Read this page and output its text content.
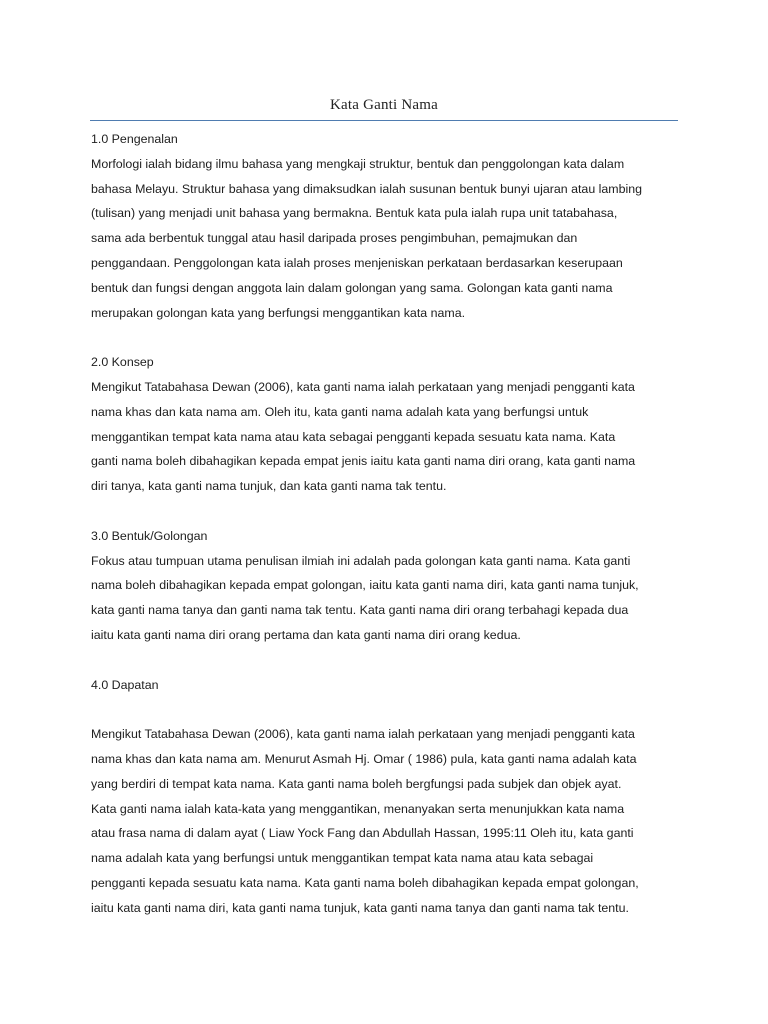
Kata Ganti Nama
1.0 Pengenalan
Morfologi ialah bidang ilmu bahasa yang mengkaji struktur, bentuk dan penggolongan kata dalam
bahasa Melayu. Struktur bahasa yang dimaksudkan ialah susunan bentuk bunyi ujaran atau lambing
(tulisan) yang menjadi unit bahasa yang bermakna. Bentuk kata pula ialah rupa unit tatabahasa,
sama ada berbentuk tunggal atau hasil daripada proses pengimbuhan, pemajmukan dan
penggandaan. Penggolongan kata ialah proses menjeniskan perkataan berdasarkan keserupaan
bentuk dan fungsi dengan anggota lain dalam golongan yang sama. Golongan kata ganti nama
merupakan golongan kata yang berfungsi menggantikan kata nama.
2.0 Konsep
Mengikut Tatabahasa Dewan (2006), kata ganti nama ialah perkataan yang menjadi pengganti kata
nama khas dan kata nama am. Oleh itu, kata ganti nama adalah kata yang berfungsi untuk
menggantikan tempat kata nama atau kata sebagai pengganti kepada sesuatu kata nama. Kata
ganti nama boleh dibahagikan kepada empat jenis iaitu kata ganti nama diri orang, kata ganti nama
diri tanya, kata ganti nama tunjuk, dan kata ganti nama tak tentu.
3.0 Bentuk/Golongan
Fokus atau tumpuan utama penulisan ilmiah ini adalah pada golongan kata ganti nama. Kata ganti
nama boleh dibahagikan kepada empat golongan, iaitu kata ganti nama diri, kata ganti nama tunjuk,
kata ganti nama tanya dan ganti nama tak tentu. Kata ganti nama diri orang terbahagi kepada dua
iaitu kata ganti nama diri orang pertama dan kata ganti nama diri orang kedua.
4.0 Dapatan
Mengikut Tatabahasa Dewan (2006), kata ganti nama ialah perkataan yang menjadi pengganti kata
nama khas dan kata nama am. Menurut Asmah Hj. Omar ( 1986) pula, kata ganti nama adalah kata
yang berdiri di tempat kata nama. Kata ganti nama boleh bergfungsi pada subjek dan objek ayat.
Kata ganti nama ialah kata-kata yang menggantikan, menanyakan serta menunjukkan kata nama
atau frasa nama di dalam ayat ( Liaw Yock Fang dan Abdullah Hassan, 1995:11 Oleh itu, kata ganti
nama adalah kata yang berfungsi untuk menggantikan tempat kata nama atau kata sebagai
pengganti kepada sesuatu kata nama. Kata ganti nama boleh dibahagikan kepada empat golongan,
iaitu kata ganti nama diri, kata ganti nama tunjuk, kata ganti nama tanya dan ganti nama tak tentu.
